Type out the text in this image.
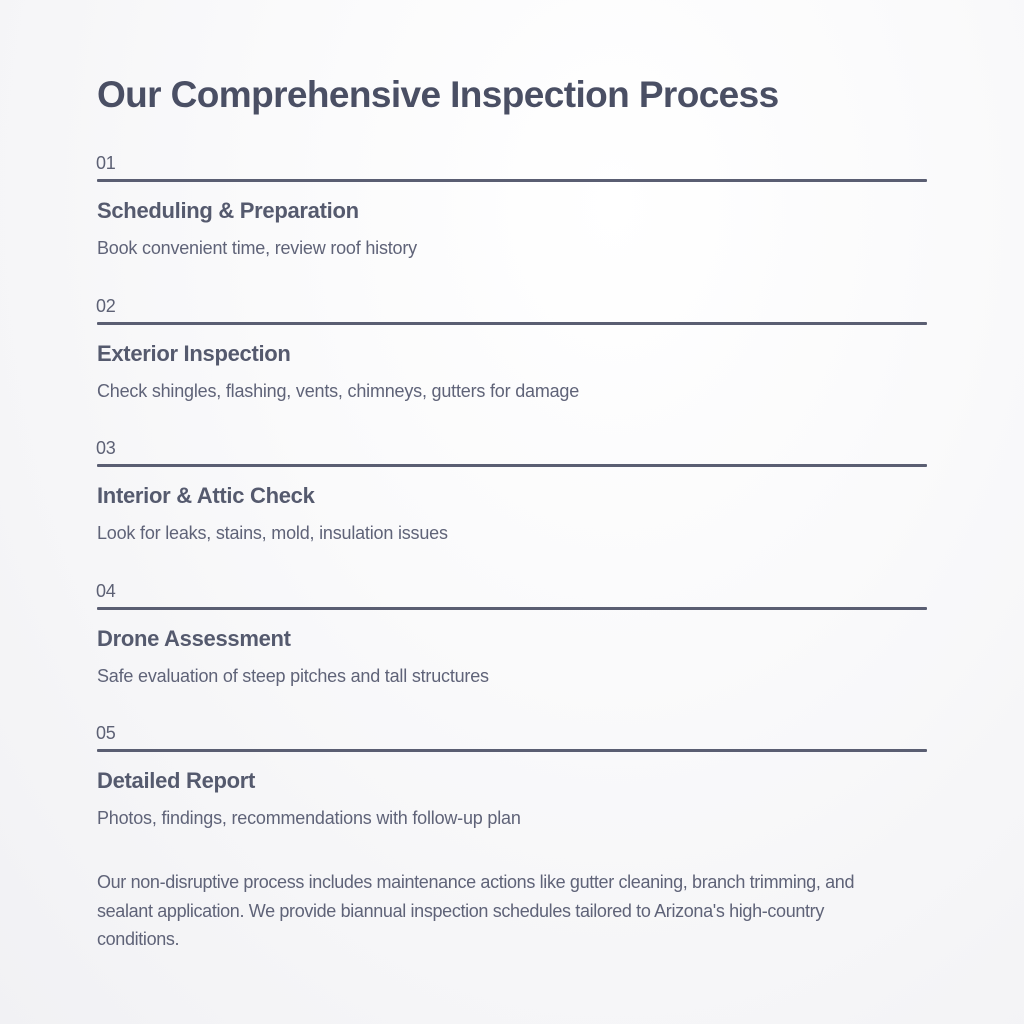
Our Comprehensive Inspection Process
01
Scheduling & Preparation
Book convenient time, review roof history
02
Exterior Inspection
Check shingles, flashing, vents, chimneys, gutters for damage
03
Interior & Attic Check
Look for leaks, stains, mold, insulation issues
04
Drone Assessment
Safe evaluation of steep pitches and tall structures
05
Detailed Report
Photos, findings, recommendations with follow-up plan

Our non-disruptive process includes maintenance actions like gutter cleaning, branch trimming, and sealant application. We provide biannual inspection schedules tailored to Arizona's high-country conditions.
